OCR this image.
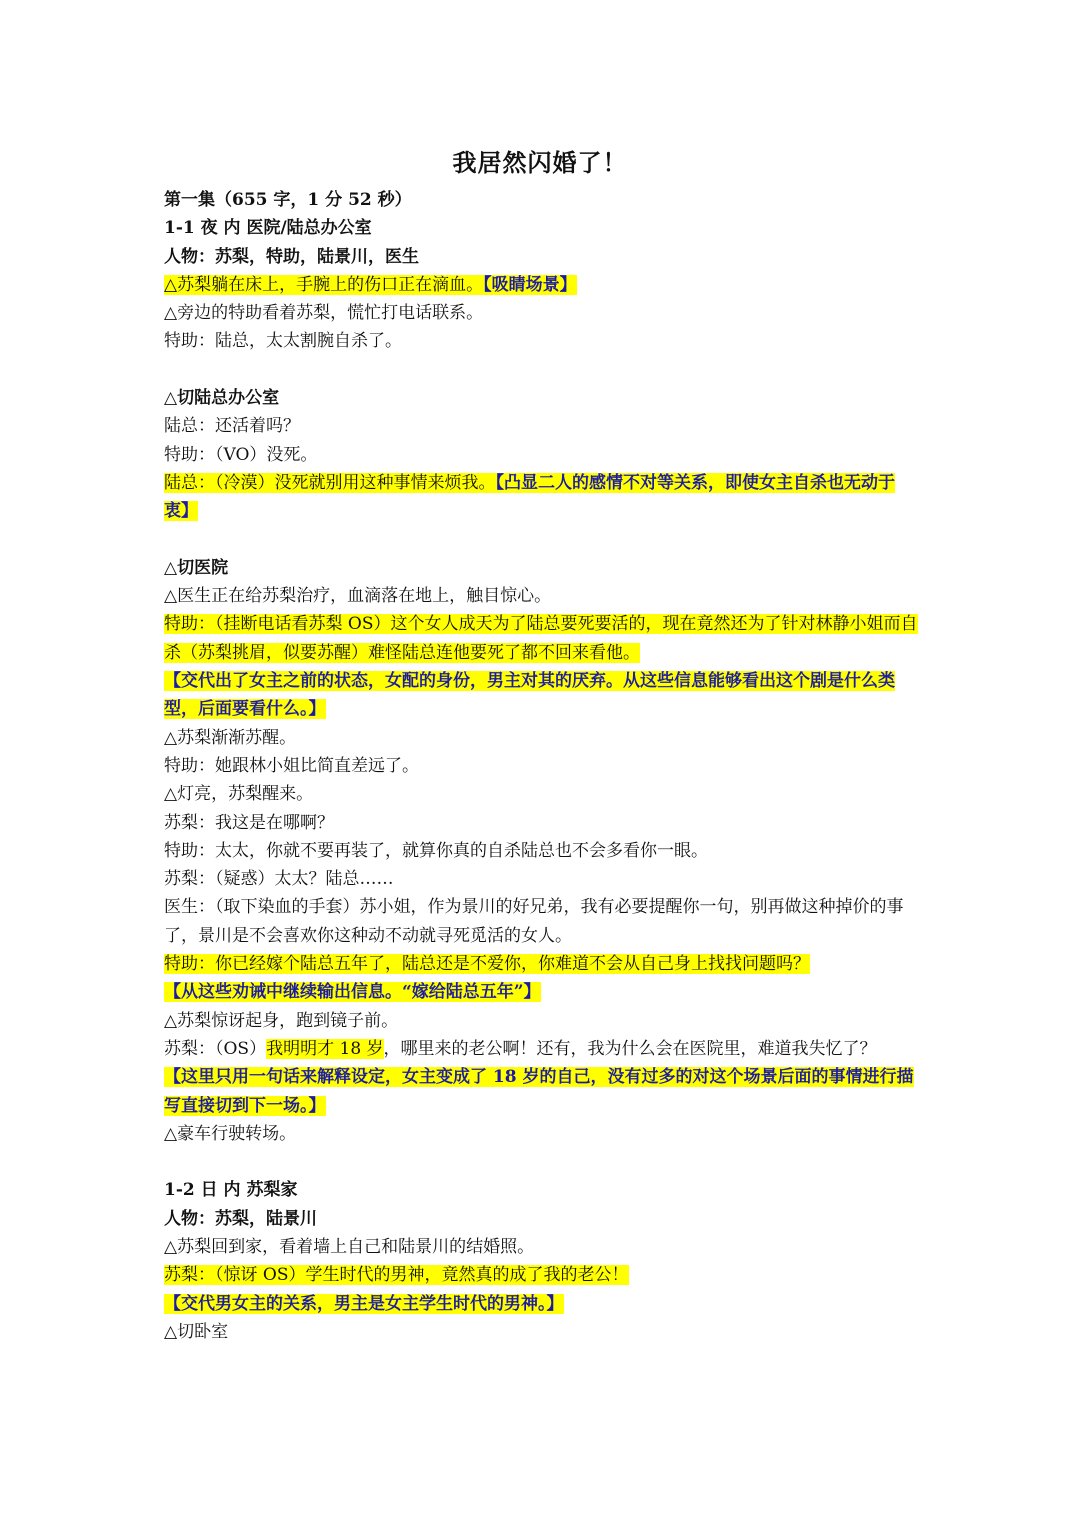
我居然闪婚了！

第一集（655 字，1 分 52 秒）

1-1 夜 内 医院/陆总办公室

人物：苏梨，特助，陆景川，医生

△苏梨躺在床上，手腕上的伤口正在滴血。【吸睛场景】

△旁边的特助看着苏梨，慌忙打电话联系。

特助：陆总，太太割腕自杀了。

△切陆总办公室

陆总：还活着吗？

特助：（VO）没死。

陆总：（冷漠）没死就别用这种事情来烦我。【凸显二人的感情不对等关系，即使女主自杀也无动于衷】

△切医院

△医生正在给苏梨治疗，血滴落在地上，触目惊心。

特助：（挂断电话看苏梨 OS）这个女人成天为了陆总要死要活的，现在竟然还为了针对林静小姐而自杀（苏梨挑眉，似要苏醒）难怪陆总连他要死了都不回来看他。

【交代出了女主之前的状态，女配的身份，男主对其的厌弃。从这些信息能够看出这个剧是什么类型，后面要看什么。】

△苏梨渐渐苏醒。

特助：她跟林小姐比简直差远了。

△灯亮，苏梨醒来。

苏梨：我这是在哪啊？

特助：太太，你就不要再装了，就算你真的自杀陆总也不会多看你一眼。

苏梨：（疑惑）太太？陆总……

医生：（取下染血的手套）苏小姐，作为景川的好兄弟，我有必要提醒你一句，别再做这种掉价的事了，景川是不会喜欢你这种动不动就寻死觅活的女人。

特助：你已经嫁个陆总五年了，陆总还是不爱你，你难道不会从自己身上找找问题吗？

【从这些劝诫中继续输出信息。“嫁给陆总五年”】

△苏梨惊讶起身，跑到镜子前。

苏梨：（OS）我明明才 18 岁，哪里来的老公啊！还有，我为什么会在医院里，难道我失忆了？

【这里只用一句话来解释设定，女主变成了 18 岁的自己，没有过多的对这个场景后面的事情进行描写直接切到下一场。】

△豪车行驶转场。

1-2 日 内 苏梨家

人物：苏梨，陆景川

△苏梨回到家，看着墙上自己和陆景川的结婚照。

苏梨：（惊讶 OS）学生时代的男神，竟然真的成了我的老公！

【交代男女主的关系，男主是女主学生时代的男神。】

△切卧室
